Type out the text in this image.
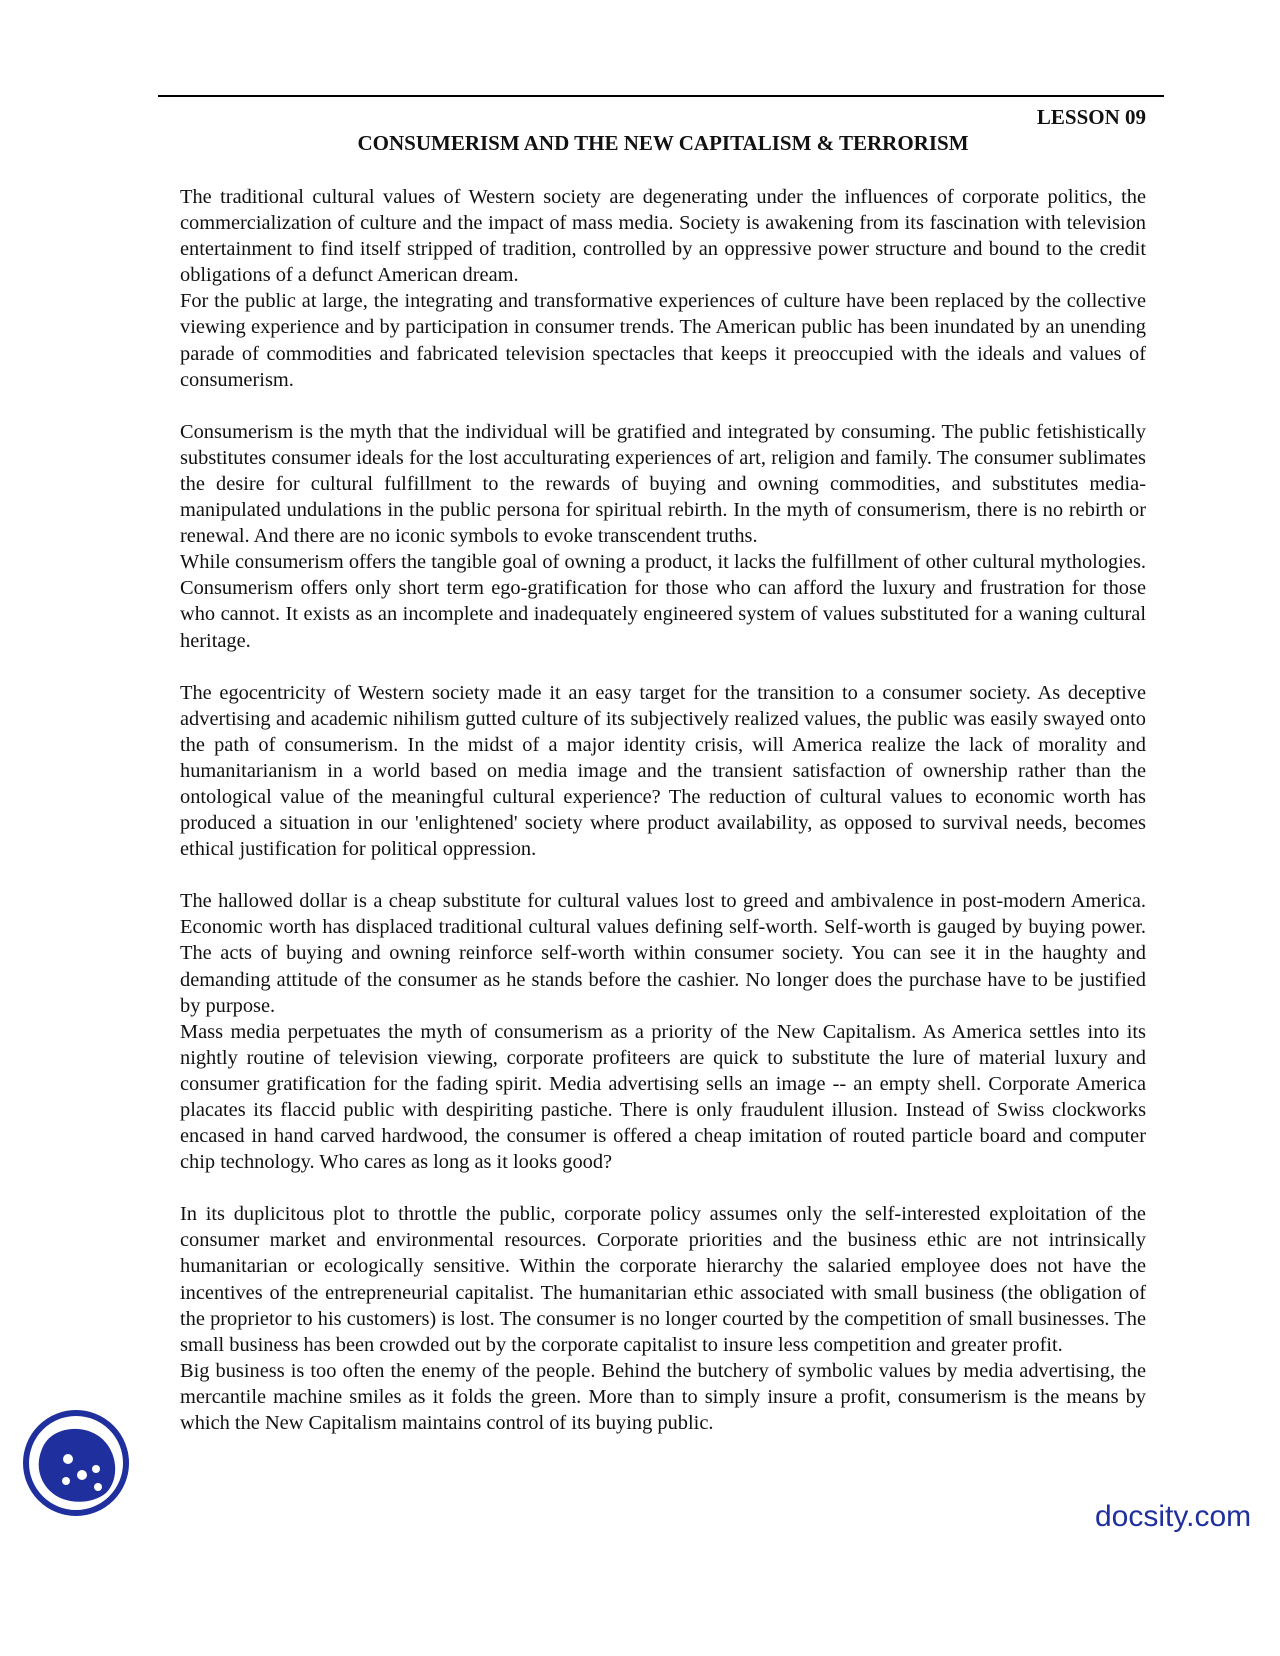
LESSON 09
CONSUMERISM AND THE NEW CAPITALISM & TERRORISM

The traditional cultural values of Western society are degenerating under the influences of corporate politics, the commercialization of culture and the impact of mass media. Society is awakening from its fascination with television entertainment to find itself stripped of tradition, controlled by an oppressive power structure and bound to the credit obligations of a defunct American dream.

For the public at large, the integrating and transformative experiences of culture have been replaced by the collective viewing experience and by participation in consumer trends. The American public has been inundated by an unending parade of commodities and fabricated television spectacles that keeps it preoccupied with the ideals and values of consumerism.

Consumerism is the myth that the individual will be gratified and integrated by consuming. The public fetishistically substitutes consumer ideals for the lost acculturating experiences of art, religion and family. The consumer sublimates the desire for cultural fulfillment to the rewards of buying and owning commodities, and substitutes media-manipulated undulations in the public persona for spiritual rebirth. In the myth of consumerism, there is no rebirth or renewal. And there are no iconic symbols to evoke transcendent truths.

While consumerism offers the tangible goal of owning a product, it lacks the fulfillment of other cultural mythologies. Consumerism offers only short term ego-gratification for those who can afford the luxury and frustration for those who cannot. It exists as an incomplete and inadequately engineered system of values substituted for a waning cultural heritage.

The egocentricity of Western society made it an easy target for the transition to a consumer society. As deceptive advertising and academic nihilism gutted culture of its subjectively realized values, the public was easily swayed onto the path of consumerism. In the midst of a major identity crisis, will America realize the lack of morality and humanitarianism in a world based on media image and the transient satisfaction of ownership rather than the ontological value of the meaningful cultural experience? The reduction of cultural values to economic worth has produced a situation in our 'enlightened' society where product availability, as opposed to survival needs, becomes ethical justification for political oppression.

The hallowed dollar is a cheap substitute for cultural values lost to greed and ambivalence in post-modern America. Economic worth has displaced traditional cultural values defining self-worth. Self-worth is gauged by buying power. The acts of buying and owning reinforce self-worth within consumer society. You can see it in the haughty and demanding attitude of the consumer as he stands before the cashier. No longer does the purchase have to be justified by purpose.

Mass media perpetuates the myth of consumerism as a priority of the New Capitalism. As America settles into its nightly routine of television viewing, corporate profiteers are quick to substitute the lure of material luxury and consumer gratification for the fading spirit. Media advertising sells an image -- an empty shell. Corporate America placates its flaccid public with despiriting pastiche. There is only fraudulent illusion. Instead of Swiss clockworks encased in hand carved hardwood, the consumer is offered a cheap imitation of routed particle board and computer chip technology. Who cares as long as it looks good?

In its duplicitous plot to throttle the public, corporate policy assumes only the self-interested exploitation of the consumer market and environmental resources. Corporate priorities and the business ethic are not intrinsically humanitarian or ecologically sensitive. Within the corporate hierarchy the salaried employee does not have the incentives of the entrepreneurial capitalist. The humanitarian ethic associated with small business (the obligation of the proprietor to his customers) is lost. The consumer is no longer courted by the competition of small businesses. The small business has been crowded out by the corporate capitalist to insure less competition and greater profit.

Big business is too often the enemy of the people. Behind the butchery of symbolic values by media advertising, the mercantile machine smiles as it folds the green. More than to simply insure a profit, consumerism is the means by which the New Capitalism maintains control of its buying public.

docsity.com
